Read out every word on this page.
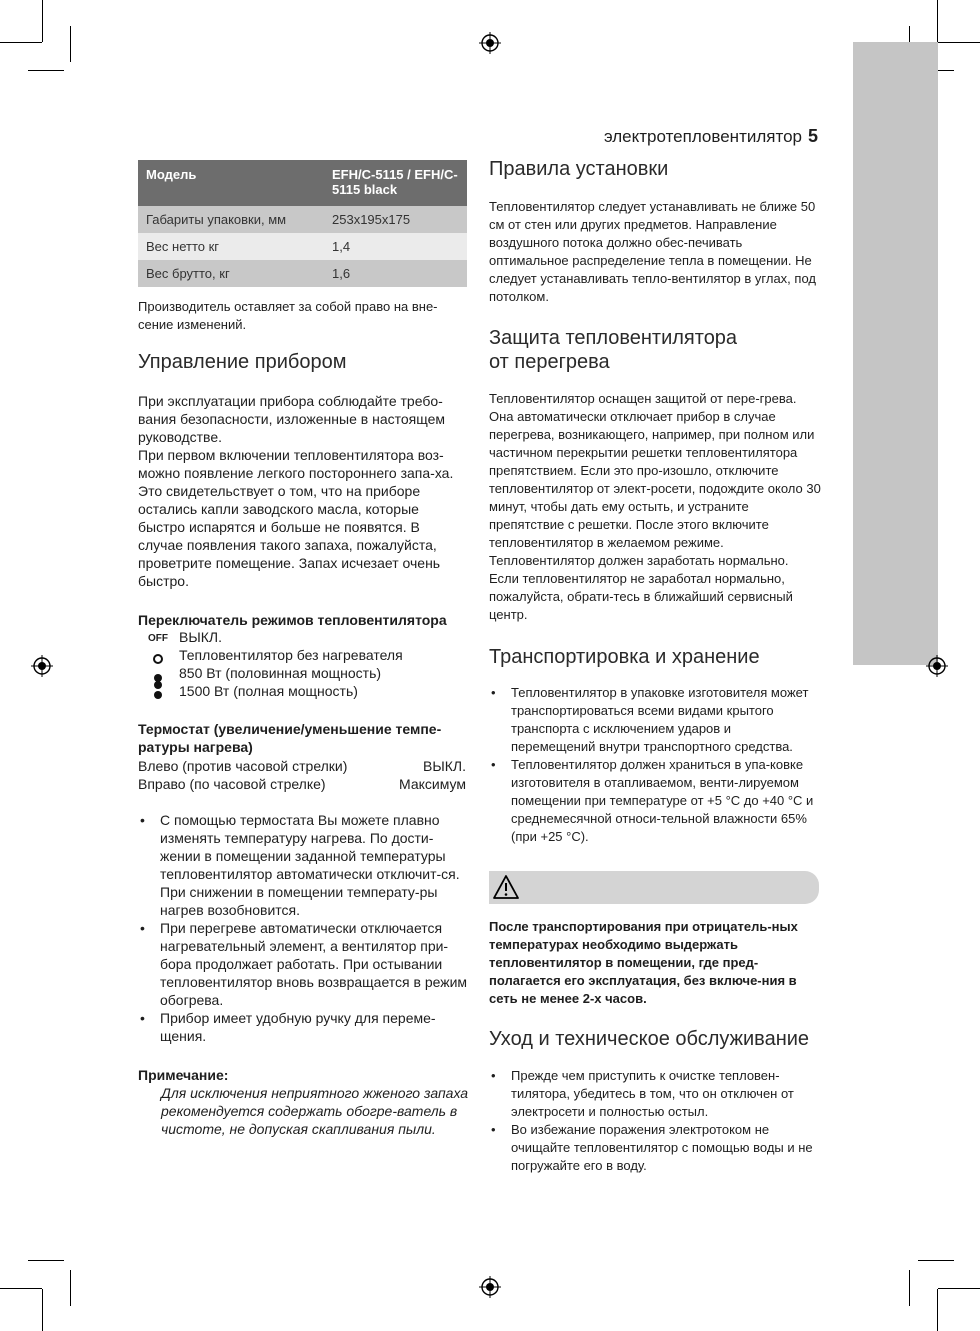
электротепловентилятор 5
Модель	EFH/C-5115 / EFH/C-5115 black
Габариты упаковки, мм	253x195x175
Вес нетто кг	1,4
Вес брутто, кг	1,6

Производитель оставляет за собой право на вне-сение изменений.

Управление прибором

При эксплуатации прибора соблюдайте требо-вания безопасности, изложенные в настоящем руководстве.

При первом включении тепловентилятора воз-можно появление легкого постороннего запа-ха. Это свидетельствует о том, что на приборе остались капли заводского масла, которые быстро испарятся и больше не появятся. В случае появления такого запаха, пожалуйста, проветрите помещение. Запах исчезает очень быстро.

Переключатель режимов тепловентилятора

OFF ВЫКЛ.
Тепловентилятор без нагревателя
850 Вт (половинная мощность)

1500 Вт (полная мощность)

Термостат (увеличение/уменьшение темпе-ратуры нагрева)

Влево (против часовой стрелки)	ВЫКЛ.
Вправо (по часовой стрелке)	Максимум
• С помощью термостата Вы можете плавно изменять температуру нагрева. По дости-жении в помещении заданной температуры тепловентилятор автоматически отключит-ся. При снижении в помещении температу-ры нагрев возобновится.
• При перегреве автоматически отключается нагревательный элемент, а вентилятор при-бора продолжает работать. При остывании тепловентилятор вновь возвращается в режим обогрева.
• Прибор имеет удобную ручку для переме-щения.

Примечание:

Для исключения неприятного жженого запаха рекомендуется содержать обогре-ватель в чистоте, не допуская скапливания пыли.

Правила установки

Тепловентилятор следует устанавливать не ближе 50 см от стен или других предметов. Направление воздушного потока должно обес-печивать оптимальное распределение тепла в помещении. Не следует устанавливать тепло-вентилятор в углах, под потолком.

Защита тепловентилятора
от перегрева

Тепловентилятор оснащен защитой от пере-грева. Она автоматически отключает прибор в случае перегрева, возникающего, например, при полном или частичном перекрытии решетки тепловентилятора препятствием. Если это про-изошло, отключите тепловентилятор от элект-росети, подождите около 30 минут, чтобы дать ему остыть, и устраните препятствие с решетки. После этого включите тепловентилятор в желаемом режиме. Тепловентилятор должен заработать нормально. Если тепловентилятор не заработал нормально, пожалуйста, обрати-тесь в ближайший сервисный центр.

Транспортировка и хранение
• Тепловентилятор в упаковке изготовителя может транспортироваться всеми видами крытого транспорта с исключением ударов и перемещений внутри транспортного средства.
• Тепловентилятор должен храниться в упа-ковке изготовителя в отапливаемом, венти-лируемом помещении при температуре от +5 °С до +40 °С и среднемесячной относи-тельной влажности 65% (при +25 °С).

После транспортирования при отрицатель-ных температурах необходимо выдержать тепловентилятор в помещении, где пред-полагается его эксплуатация, без включе-ния в сеть не менее 2-х часов.

Уход и техническое обслуживание
• Прежде чем приступить к очистке тепловен-тилятора, убедитесь в том, что он отключен от электросети и полностью остыл.
• Во избежание поражения электротоком не очищайте тепловентилятор с помощью воды и не погружайте его в воду.
